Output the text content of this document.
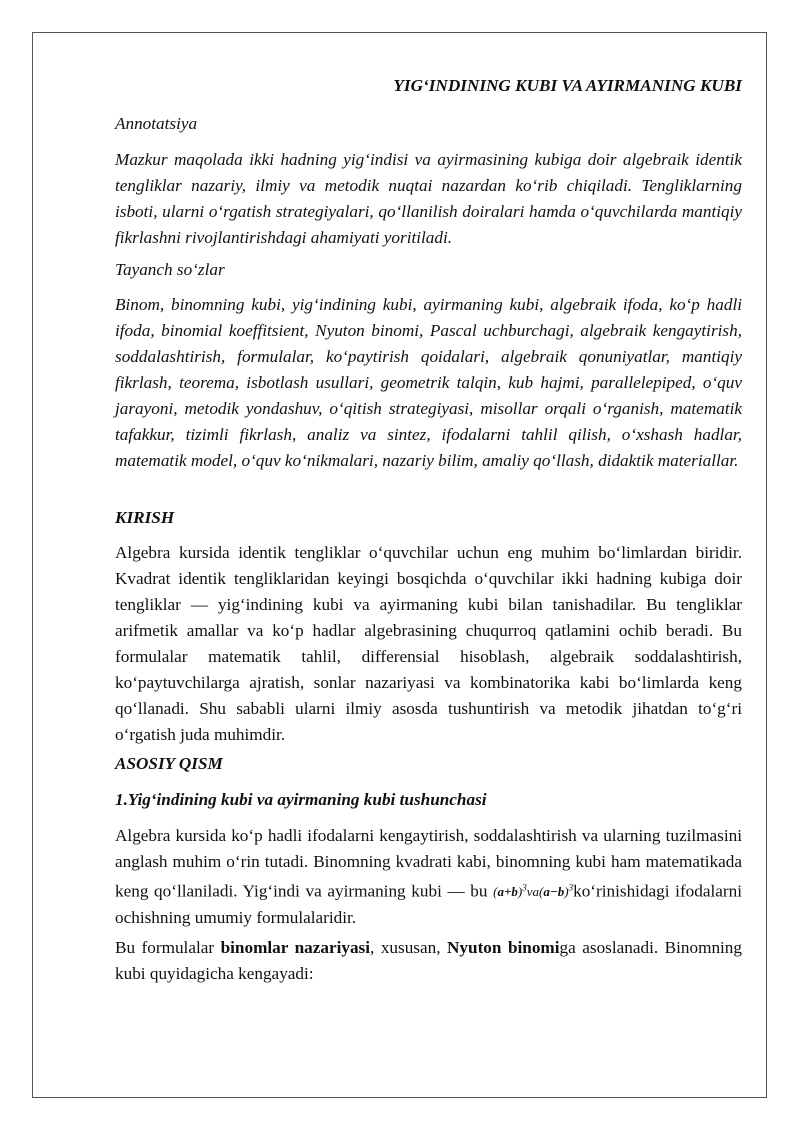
YIG‘INDINING KUBI VA AYIRMANING KUBI
Annotatsiya

Mazkur maqolada ikki hadning yig‘indisi va ayirmasining kubiga doir algebraik identik tengliklar nazariy, ilmiy va metodik nuqtai nazardan ko‘rib chiqiladi. Tengliklarning isboti, ularni o‘rgatish strategiyalari, qo‘llanilish doiralari hamda o‘quvchilarda mantiqiy fikrlashni rivojlantirishdagi ahamiyati yoritiladi.

Tayanch so‘zlar

Binom, binomning kubi, yig‘indining kubi, ayirmaning kubi, algebraik ifoda, ko‘p hadli ifoda, binomial koeffitsient, Nyuton binomi, Pascal uchburchagi, algebraik kengaytirish, soddalashtirish, formulalar, ko‘paytirish qoidalari, algebraik qonuniyatlar, mantiqiy fikrlash, teorema, isbotlash usullari, geometrik talqin, kub hajmi, parallelepiped, o‘quv jarayoni, metodik yondashuv, o‘qitish strategiyasi, misollar orqali o‘rganish, matematik tafakkur, tizimli fikrlash, analiz va sintez, ifodalarni tahlil qilish, o‘xshash hadlar, matematik model, o‘quv ko‘nikmalari, nazariy bilim, amaliy qo‘llash, didaktik materiallar.

KIRISH

Algebra kursida identik tengliklar o‘quvchilar uchun eng muhim bo‘limlardan biridir. Kvadrat identik tengliklaridan keyingi bosqichda o‘quvchilar ikki hadning kubiga doir tengliklar — yig‘indining kubi va ayirmaning kubi bilan tanishadilar. Bu tengliklar arifmetik amallar va ko‘p hadlar algebrasining chuqurroq qatlamini ochib beradi. Bu formulalar matematik tahlil, differensial hisoblash, algebraik soddalashtirish, ko‘paytuvchilarga ajratish, sonlar nazariyasi va kombinatorika kabi bo‘limlarda keng qo‘llanadi. Shu sababli ularni ilmiy asosda tushuntirish va metodik jihatdan to‘g‘ri o‘rgatish juda muhimdir.

ASOSIY QISM
1.Yig‘indining kubi va ayirmaning kubi tushunchasi

Algebra kursida ko‘p hadli ifodalarni kengaytirish, soddalashtirish va ularning tuzilmasini anglash muhim o‘rin tutadi. Binomning kvadrati kabi, binomning kubi ham matematikada keng qo‘llaniladi. Yig‘indi va ayirmaning kubi — bu $(a+b)^3va(a-b)^3ko‘rinishidagi$ ifodalarni ochishning umumiy formulalaridir.

Bu formulalar binomlar nazariyasi, xususan, Nyuton binomiga asoslanadi. Binomning kubi quyidagicha kengayadi:
